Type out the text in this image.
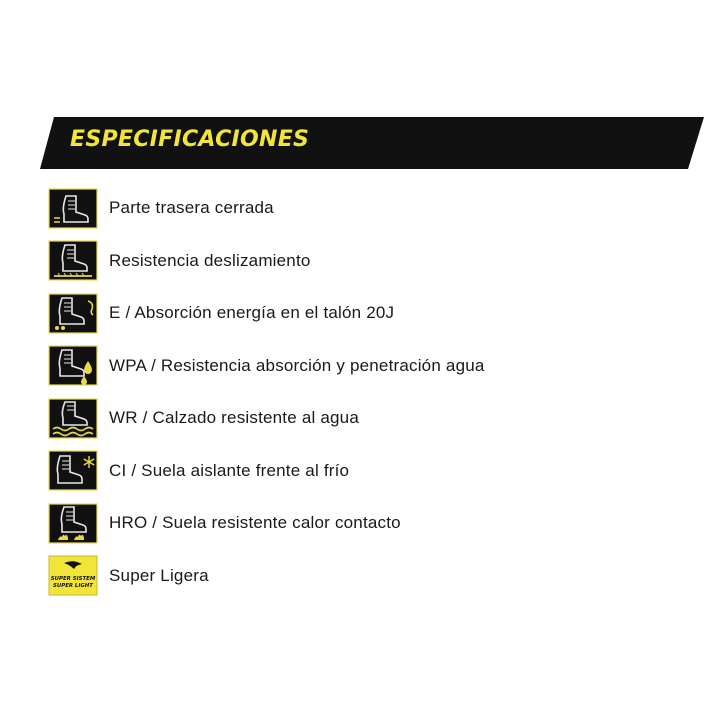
ESPECIFICACIONES
Parte trasera cerrada
Resistencia deslizamiento
E / Absorción energía en el talón 20J
WPA / Resistencia absorción y penetración agua
WR / Calzado resistente al agua
CI / Suela aislante frente al frío
HRO / Suela resistente calor contacto
SUPER SISTEM
SUPER LIGHT
Super Ligera
